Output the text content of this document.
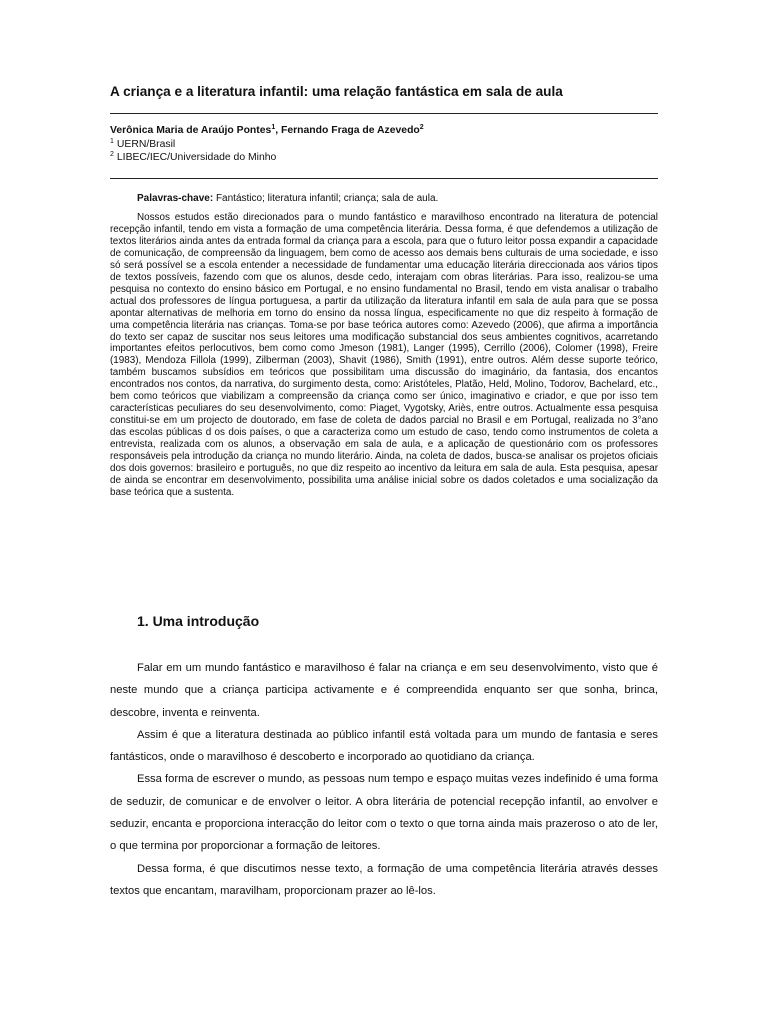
A criança e a literatura infantil: uma relação fantástica em sala de aula
Verônica Maria de Araújo Pontes$^1$, Fernando Fraga de Azevedo$^2$
$^1$ UERN/Brasil
$^2$ LIBEC/IEC/Universidade do Minho
Palavras-chave: Fantástico; literatura infantil; criança; sala de aula.

Nossos estudos estão direcionados para o mundo fantástico e maravilhoso encontrado na literatura de potencial recepção infantil, tendo em vista a formação de uma competência literária. Dessa forma, é que defendemos a utilização de textos literários ainda antes da entrada formal da criança para a escola, para que o futuro leitor possa expandir a capacidade de comunicação, de compreensão da linguagem, bem como de acesso aos demais bens culturais de uma sociedade, e isso só será possível se a escola entender a necessidade de fundamentar uma educação literária direccionada aos vários tipos de textos possíveis, fazendo com que os alunos, desde cedo, interajam com obras literárias. Para isso, realizou-se uma pesquisa no contexto do ensino básico em Portugal, e no ensino fundamental no Brasil, tendo em vista analisar o trabalho actual dos professores de língua portuguesa, a partir da utilização da literatura infantil em sala de aula para que se possa apontar alternativas de melhoria em torno do ensino da nossa língua, especificamente no que diz respeito à formação de uma competência literária nas crianças. Toma-se por base teórica autores como: Azevedo (2006), que afirma a importância do texto ser capaz de suscitar nos seus leitores uma modificação substancial dos seus ambientes cognitivos, acarretando importantes efeitos perlocutivos, bem como como Jmeson (1981), Langer (1995), Cerrillo (2006), Colomer (1998), Freire (1983), Mendoza Fillola (1999), Zilberman (2003), Shavit (1986), Smith (1991), entre outros. Além desse suporte teórico, também buscamos subsídios em teóricos que possibilitam uma discussão do imaginário, da fantasia, dos encantos encontrados nos contos, da narrativa, do surgimento desta, como: Aristóteles, Platão, Held, Molino, Todorov, Bachelard, etc., bem como teóricos que viabilizam a compreensão da criança como ser único, imaginativo e criador, e que por isso tem características peculiares do seu desenvolvimento, como: Piaget, Vygotsky, Ariès, entre outros. Actualmente essa pesquisa constitui-se em um projecto de doutorado, em fase de coleta de dados parcial no Brasil e em Portugal, realizada no 3°ano das escolas públicas d os dois países, o que a caracteriza como um estudo de caso, tendo como instrumentos de coleta a entrevista, realizada com os alunos, a observação em sala de aula, e a aplicação de questionário com os professores responsáveis pela introdução da criança no mundo literário. Ainda, na coleta de dados, busca-se analisar os projetos oficiais dos dois governos: brasileiro e português, no que diz respeito ao incentivo da leitura em sala de aula. Esta pesquisa, apesar de ainda se encontrar em desenvolvimento, possibilita uma análise inicial sobre os dados coletados e uma socialização da base teórica que a sustenta.

1. Uma introdução

Falar em um mundo fantástico e maravilhoso é falar na criança e em seu desenvolvimento, visto que é neste mundo que a criança participa activamente e é compreendida enquanto ser que sonha, brinca, descobre, inventa e reinventa.

Assim é que a literatura destinada ao público infantil está voltada para um mundo de fantasia e seres fantásticos, onde o maravilhoso é descoberto e incorporado ao quotidiano da criança.

Essa forma de escrever o mundo, as pessoas num tempo e espaço muitas vezes indefinido é uma forma de seduzir, de comunicar e de envolver o leitor. A obra literária de potencial recepção infantil, ao envolver e seduzir, encanta e proporciona interacção do leitor com o texto o que torna ainda mais prazeroso o ato de ler, o que termina por proporcionar a formação de leitores.

Dessa forma, é que discutimos nesse texto, a formação de uma competência literária através desses textos que encantam, maravilham, proporcionam prazer ao lê-los.
